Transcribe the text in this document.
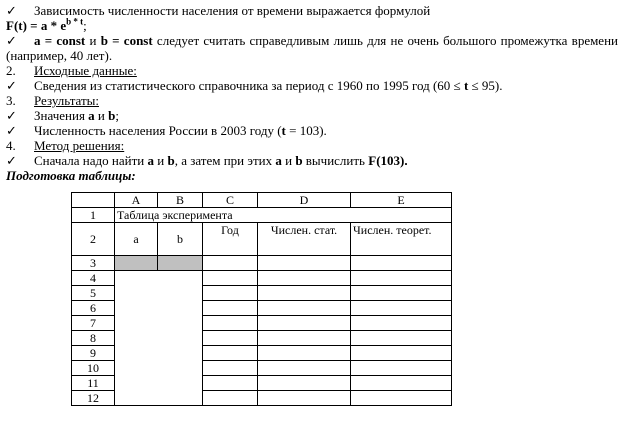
✓ Зависимость численности населения от времени выражается формулой
$F(t) = a * e^{b * t}$;
✓ a = const и b = const следует считать справедливым лишь для не очень большого промежутка времени (например, 40 лет).
2. Исходные данные:
✓ Сведения из статистического справочника за период с 1960 по 1995 год (60 ≤ t ≤ 95).
3. Результаты:
✓ Значения a и b;
✓ Численность населения России в 2003 году (t = 103).
4. Метод решения:
✓ Сначала надо найти a и b, а затем при этих a и b вычислить F(103).
Подготовка таблицы:
	A	B	C	D	E
1	Таблица эксперимента				
2	a	b	Год	Числен. стат.	Числен. теорет.
3					
4					
5					
6					
7					
8					
9					
10					
11					
12					
